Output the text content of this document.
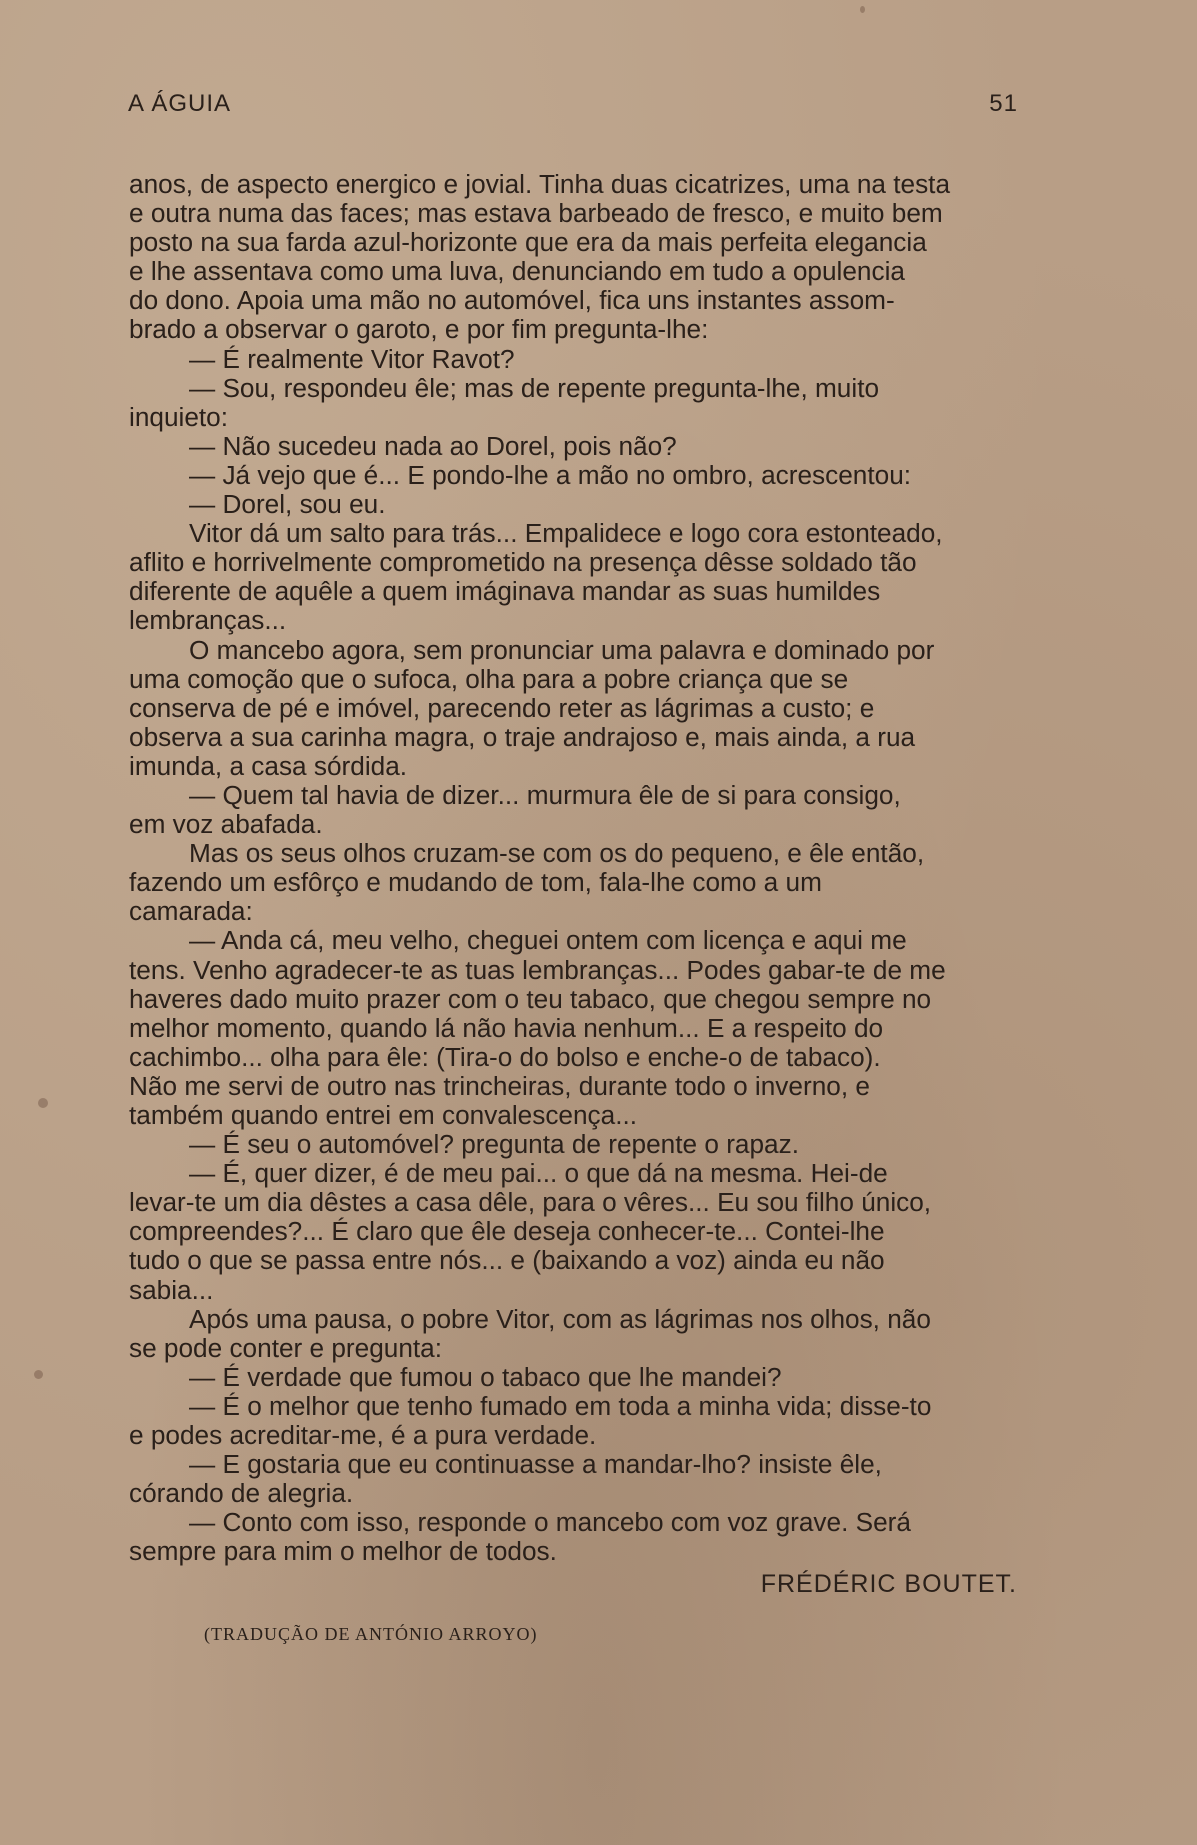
A ÁGUIA	51

anos, de aspecto energico e jovial. Tinha duas cicatrizes, uma na testa

e outra numa das faces; mas estava barbeado de fresco, e muito bem

posto na sua farda azul-horizonte que era da mais perfeita elegancia

e lhe assentava como uma luva, denunciando em tudo a opulencia

do dono. Apoia uma mão no automóvel, fica uns instantes assom-

brado a observar o garoto, e por fim pregunta-lhe:

— É realmente Vitor Ravot?

— Sou, respondeu êle; mas de repente pregunta-lhe, muito

inquieto:

— Não sucedeu nada ao Dorel, pois não?

— Já vejo que é... E pondo-lhe a mão no ombro, acrescentou:

— Dorel, sou eu.

Vitor dá um salto para trás... Empalidece e logo cora estonteado,

aflito e horrivelmente comprometido na presença dêsse soldado tão

diferente de aquêle a quem imáginava mandar as suas humildes

lembranças...

O mancebo agora, sem pronunciar uma palavra e dominado por

uma comoção que o sufoca, olha para a pobre criança que se

conserva de pé e imóvel, parecendo reter as lágrimas a custo; e

observa a sua carinha magra, o traje andrajoso e, mais ainda, a rua

imunda, a casa sórdida.

— Quem tal havia de dizer... murmura êle de si para consigo,

em voz abafada.

Mas os seus olhos cruzam-se com os do pequeno, e êle então,

fazendo um esfôrço e mudando de tom, fala-lhe como a um

camarada:

— Anda cá, meu velho, cheguei ontem com licença e aqui me

tens. Venho agradecer-te as tuas lembranças... Podes gabar-te de me

haveres dado muito prazer com o teu tabaco, que chegou sempre no

melhor momento, quando lá não havia nenhum... E a respeito do

cachimbo... olha para êle: (Tira-o do bolso e enche-o de tabaco).

Não me servi de outro nas trincheiras, durante todo o inverno, e

também quando entrei em convalescença...

— É seu o automóvel? pregunta de repente o rapaz.

— É, quer dizer, é de meu pai... o que dá na mesma. Hei-de

levar-te um dia dêstes a casa dêle, para o vêres... Eu sou filho único,

compreendes?... É claro que êle deseja conhecer-te... Contei-lhe

tudo o que se passa entre nós... e (baixando a voz) ainda eu não

sabia...

Após uma pausa, o pobre Vitor, com as lágrimas nos olhos, não

se pode conter e pregunta:

— É verdade que fumou o tabaco que lhe mandei?

— É o melhor que tenho fumado em toda a minha vida; disse-to

e podes acreditar-me, é a pura verdade.

— E gostaria que eu continuasse a mandar-lho? insiste êle,

córando de alegria.

— Conto com isso, responde o mancebo com voz grave. Será

sempre para mim o melhor de todos.

FRÉDÉRIC BOUTET.
(TRADUÇÃO DE ANTÓNIO ARROYO)
